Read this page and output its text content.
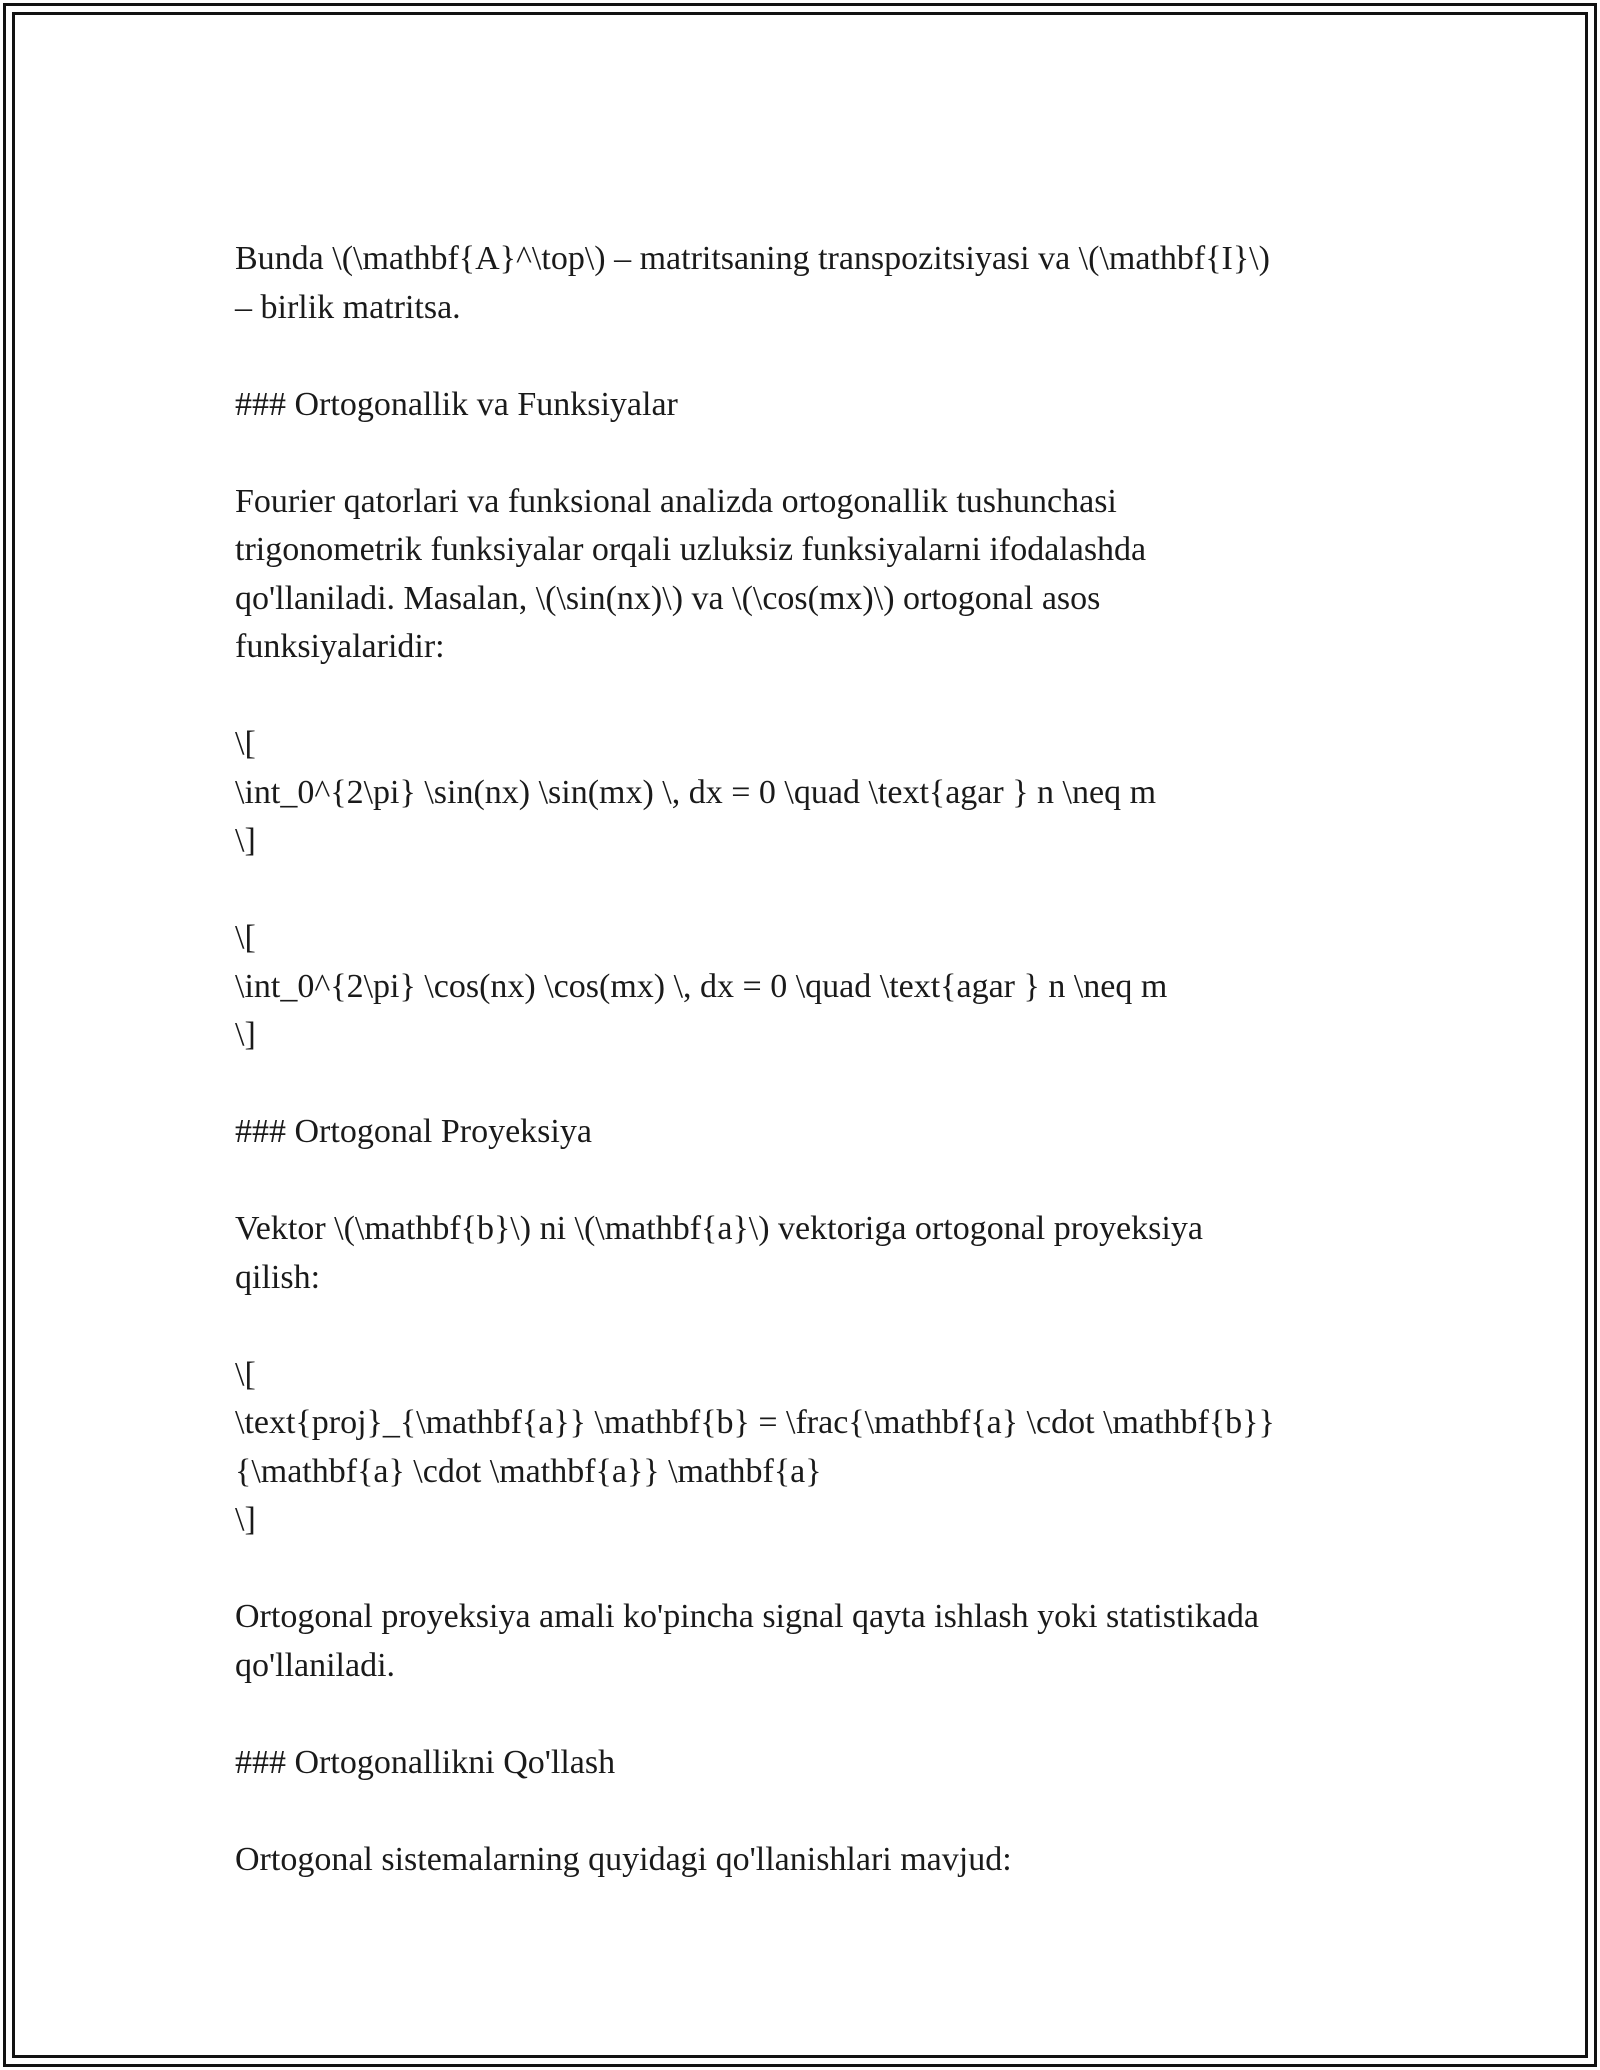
Bunda \(\mathbf{A}^\top\) – matritsaning transpozitsiyasi va \(\mathbf{I}\)
– birlik matritsa.
### Ortogonallik va Funksiyalar
Fourier qatorlari va funksional analizda ortogonallik tushunchasi
trigonometrik funksiyalar orqali uzluksiz funksiyalarni ifodalashda
qo'llaniladi. Masalan, \(\sin(nx)\) va \(\cos(mx)\) ortogonal asos
funksiyalaridir:
\[
\int_0^{2\pi} \sin(nx) \sin(mx) \, dx = 0 \quad \text{agar } n \neq m
\]
\[
\int_0^{2\pi} \cos(nx) \cos(mx) \, dx = 0 \quad \text{agar } n \neq m
\]
### Ortogonal Proyeksiya
Vektor \(\mathbf{b}\) ni \(\mathbf{a}\) vektoriga ortogonal proyeksiya
qilish:
\[
\text{proj}_{\mathbf{a}} \mathbf{b} = \frac{\mathbf{a} \cdot \mathbf{b}}
{\mathbf{a} \cdot \mathbf{a}} \mathbf{a}
\]
Ortogonal proyeksiya amali ko'pincha signal qayta ishlash yoki statistikada
qo'llaniladi.
### Ortogonallikni Qo'llash
Ortogonal sistemalarning quyidagi qo'llanishlari mavjud:
